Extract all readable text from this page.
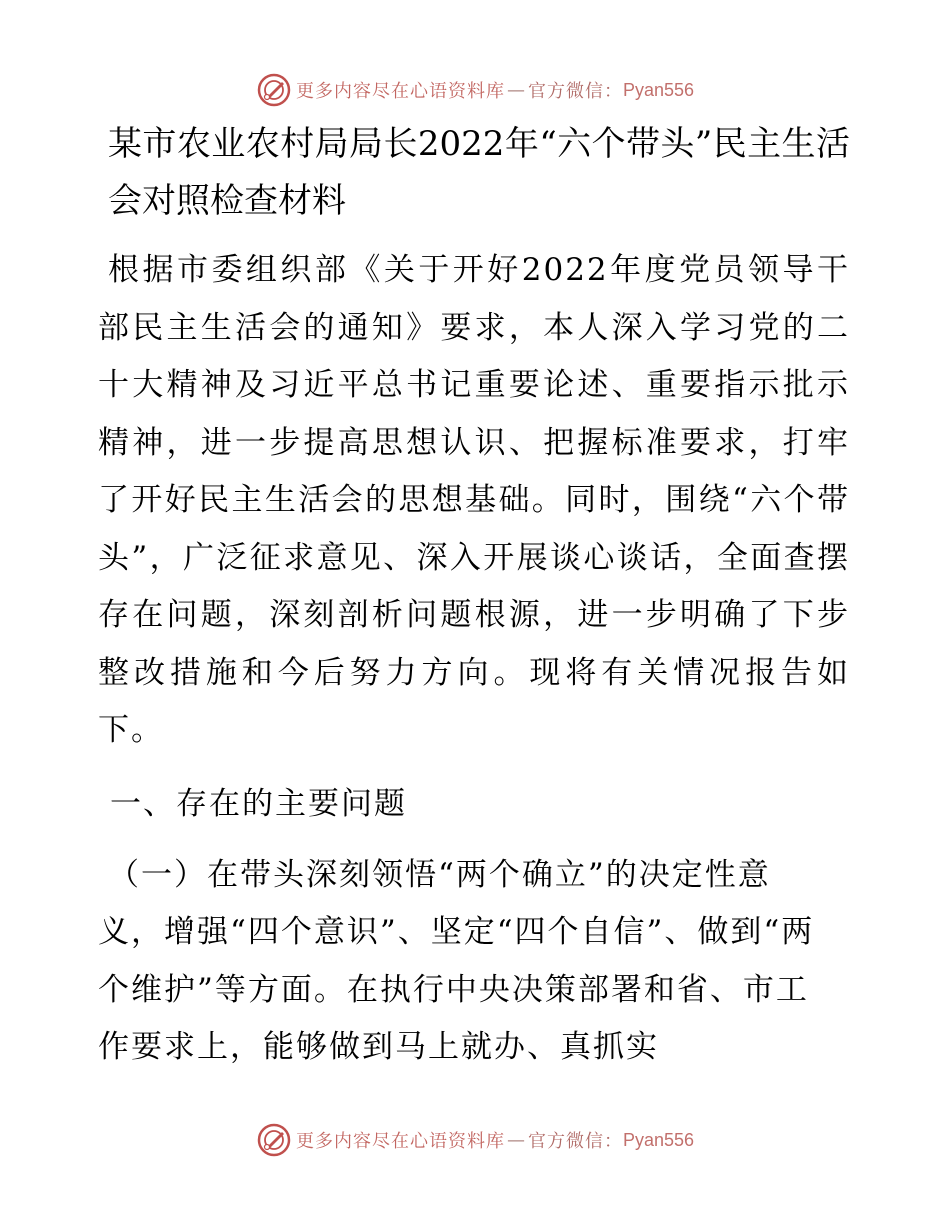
更多内容尽在心语资料库 — 官方微信： Pyan556
某市农业农村局局长2022年“六个带头”民主生活会对照检查材料

根据市委组织部《关于开好2022年度党员领导干部民主生活会的通知》要求，本人深入学习党的二十大精神及习近平总书记重要论述、重要指示批示精神，进一步提高思想认识、把握标准要求，打牢了开好民主生活会的思想基础。同时，围绕“六个带头”，广泛征求意见、深入开展谈心谈话，全面查摆存在问题，深刻剖析问题根源，进一步明确了下步整改措施和今后努力方向。现将有关情况报告如下。

一、存在的主要问题

（一）在带头深刻领悟“两个确立”的决定性意义，增强“四个意识”、坚定“四个自信”、做到“两个维护”等方面。在执行中央决策部署和省、市工作要求上，能够做到马上就办、真抓实

更多内容尽在心语资料库 — 官方微信： Pyan556
